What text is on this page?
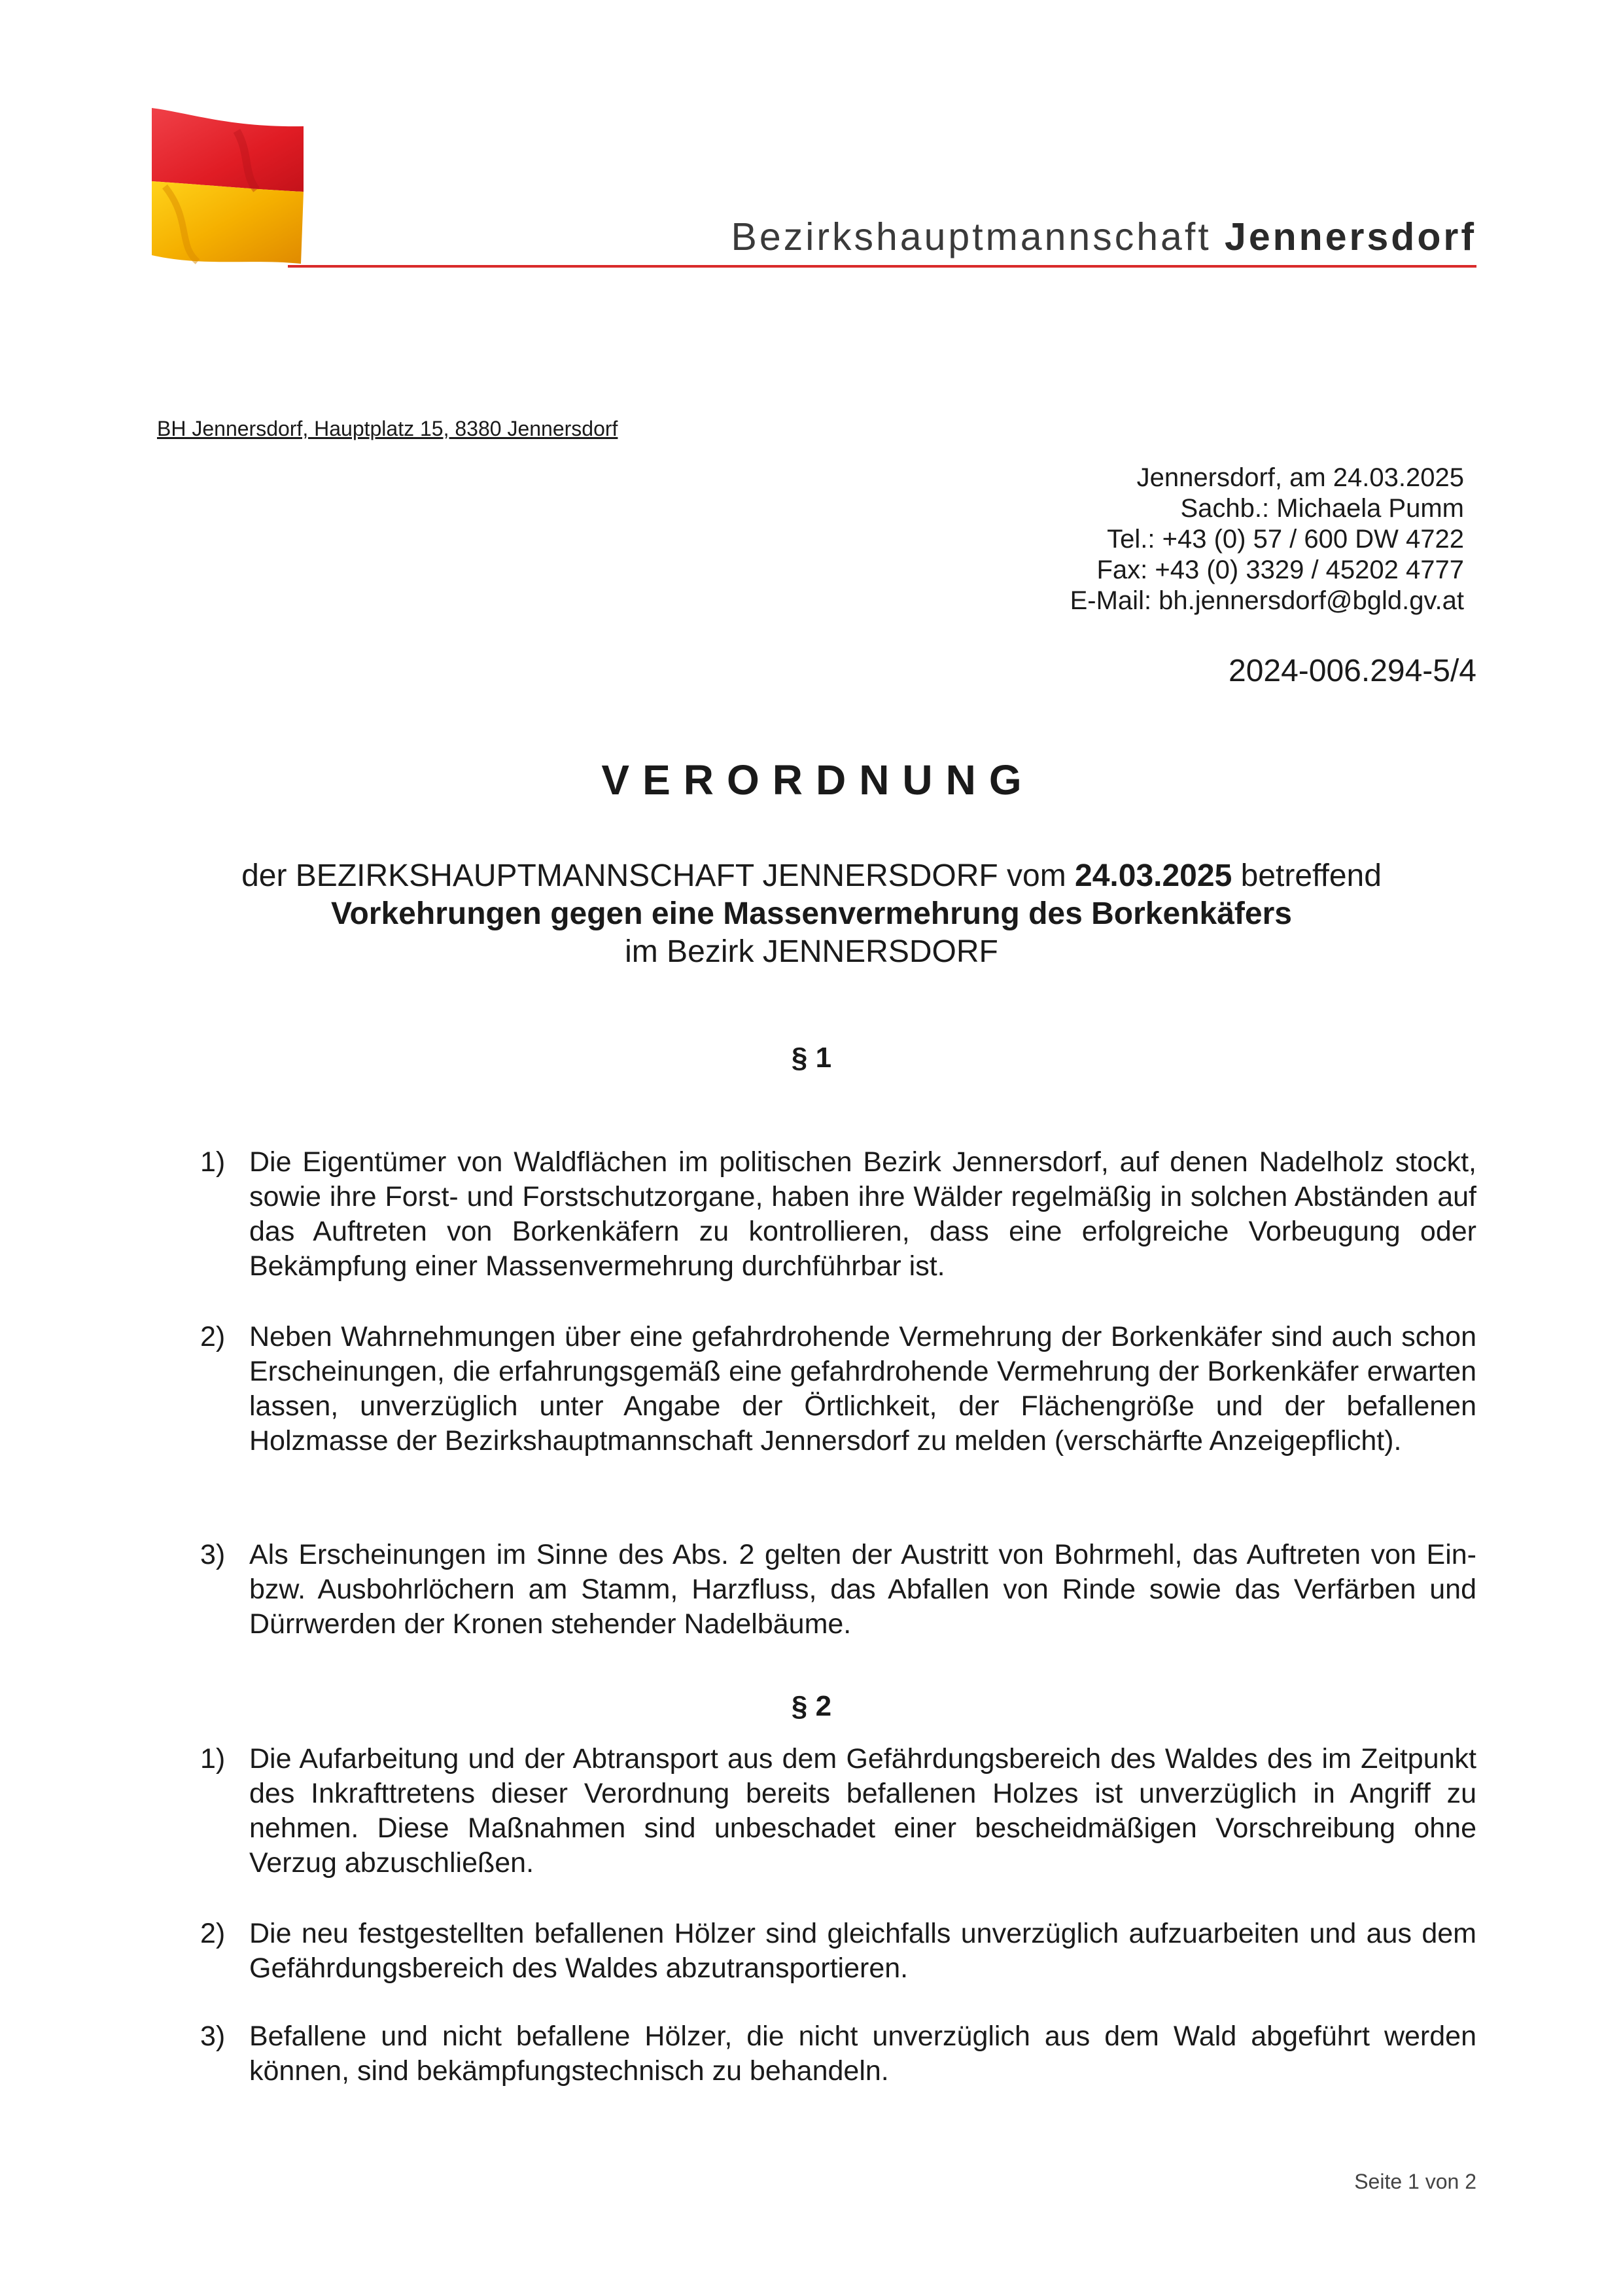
Bezirkshauptmannschaft Jennersdorf
BH Jennersdorf, Hauptplatz 15, 8380 Jennersdorf
Jennersdorf, am 24.03.2025
Sachb.: Michaela Pumm
Tel.: +43 (0) 57 / 600 DW 4722
Fax: +43 (0) 3329 / 45202 4777
E-Mail: bh.jennersdorf@bgld.gv.at
2024-006.294-5/4
VERORDNUNG
der BEZIRKSHAUPTMANNSCHAFT JENNERSDORF vom 24.03.2025 betreffend
Vorkehrungen gegen eine Massenvermehrung des Borkenkäfers
im Bezirk JENNERSDORF
§ 1
1) Die Eigentümer von Waldflächen im politischen Bezirk Jennersdorf, auf denen Nadelholz stockt, sowie ihre Forst- und Forstschutzorgane, haben ihre Wälder regelmäßig in solchen Abständen auf das Auftreten von Borkenkäfern zu kontrollieren, dass eine erfolgreiche Vorbeugung oder Bekämpfung einer Massenvermehrung durchführbar ist.
2) Neben Wahrnehmungen über eine gefahrdrohende Vermehrung der Borkenkäfer sind auch schon Erscheinungen, die erfahrungsgemäß eine gefahrdrohende Vermehrung der Borkenkäfer erwarten lassen, unverzüglich unter Angabe der Örtlichkeit, der Flächengröße und der befallenen Holzmasse der Bezirkshauptmannschaft Jennersdorf zu melden (verschärfte Anzeigepflicht).
3) Als Erscheinungen im Sinne des Abs. 2 gelten der Austritt von Bohrmehl, das Auftreten von Ein- bzw. Ausbohrlöchern am Stamm, Harzfluss, das Abfallen von Rinde sowie das Verfärben und Dürrwerden der Kronen stehender Nadelbäume.
§ 2
1) Die Aufarbeitung und der Abtransport aus dem Gefährdungsbereich des Waldes des im Zeitpunkt des Inkrafttretens dieser Verordnung bereits befallenen Holzes ist unverzüglich in Angriff zu nehmen. Diese Maßnahmen sind unbeschadet einer bescheidmäßigen Vorschreibung ohne Verzug abzuschließen.
2) Die neu festgestellten befallenen Hölzer sind gleichfalls unverzüglich aufzuarbeiten und aus dem Gefährdungsbereich des Waldes abzutransportieren.
3) Befallene und nicht befallene Hölzer, die nicht unverzüglich aus dem Wald abgeführt werden können, sind bekämpfungstechnisch zu behandeln.
Seite 1 von 2
